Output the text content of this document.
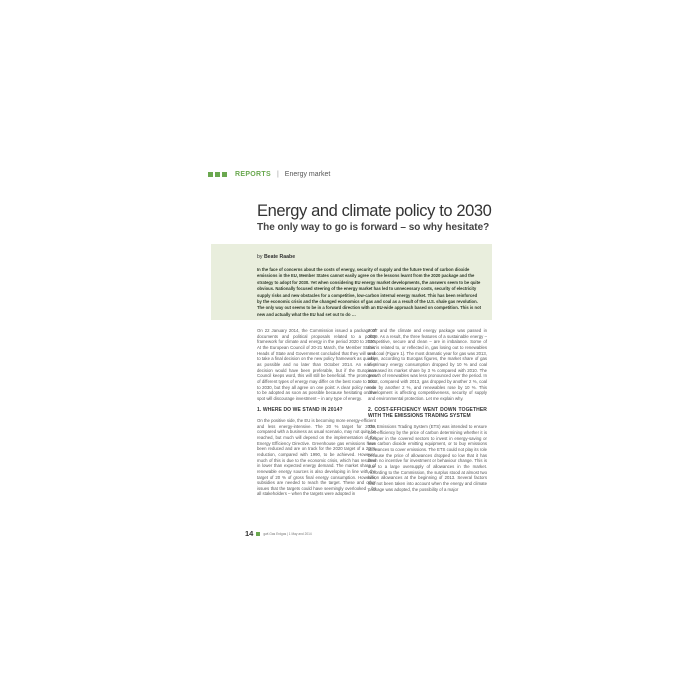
REPORTS | Energy market
Energy and climate policy to 2030
The only way to go is forward – so why hesitate?
by Beate Raabe

In the face of concerns about the costs of energy, security of supply and the future trend of carbon dioxide emissions in the EU, Member States cannot easily agree on the lessons learnt from the 2020 package and the strategy to adopt for 2030. Yet when considering EU energy market developments, the answers seem to be quite obvious. Nationally focused steering of the energy market has led to unnecessary costs, security of electricity supply risks and new obstacles for a competitive, low-carbon internal energy market. This has been reinforced by the economic crisis and the changed economics of gas and coal as a result of the U.S. shale gas revolution. The only way out seems to be in a forward direction with an EU-wide approach based on competition. This is not new and actually what the EU had set out to do …

On 22 January 2014, the Commission issued a package of documents and political proposals related to a policy framework for climate and energy in the period 2020 to 2030. At the European Council of 20-21 March, the Member States' Heads of State and Government concluded that they will seek to take a final decision on the new policy framework as quickly as possible and no later than October 2014. An earlier decision would have been preferable, but if the European Council keeps word, this will still be beneficial. The promoters of different types of energy may differ on the best route to take to 2030, but they all agree on one point: A clear policy needs to be adopted as soon as possible because hesitating on the spot will discourage investment – in any type of energy.

1. WHERE DO WE STAND IN 2014?

On the positive side, the EU is becoming more energy-efficient and less energy-intensive. The 20 % target for 2020, compared with a business as usual scenario, may not quite be reached, but much will depend on the implementation of the Energy Efficiency Directive. Greenhouse gas emissions have been reduced and are on track for the 2020 target of a 20 % reduction, compared with 1990, to be achieved. However, much of this is due to the economic crisis, which has resulted in lower than expected energy demand. The market share of renewable energy sources is also developing in line with the target of 20 % of gross final energy consumption. However, subsidies are needed to reach the target. These and other issues that the targets could have seemingly overlooked – by all stakeholders – when the targets were adopted in

2007 and the climate and energy package was passed in 2009. As a result, the three features of a sustainable energy – competitive, secure and clean – are in imbalance. Some of this is related to, or reflected in, gas losing out to renewables and coal (Figure 1). The most dramatic year for gas was 2013, when, according to Eurogas figures, the market share of gas in primary energy consumption dropped by 10 % and coal increased its market share by 3 % compared with 2010. The growth of renewables was less pronounced over the period. In 2012, compared with 2013, gas dropped by another 2 %, coal rose by another 2 %, and renewables rose by 10 %. This development is affecting competitiveness, security of supply and environmental protection. Let me explain why.

2. COST-EFFICIENCY WENT DOWN TOGETHER WITH THE EMISSIONS TRADING SYSTEM

The Emissions Trading System (ETS) was intended to ensure cost-efficiency by the price of carbon determining whether it is cheaper in the covered sectors to invest in energy-saving or less carbon dioxide emitting equipment, or to buy emissions allowances to cover emissions. The ETS could not play its role because the price of allowances dropped so low that it has been no incentive for investment or behaviour change. This is due to a large oversupply of allowances in the market. According to the Commission, the surplus stood at almost two billion allowances at the beginning of 2013. Several factors had not been taken into account when the energy and climate package was adopted, the possibility of a major

14	gwf-Gas Erdgas | 1 May and 2014
